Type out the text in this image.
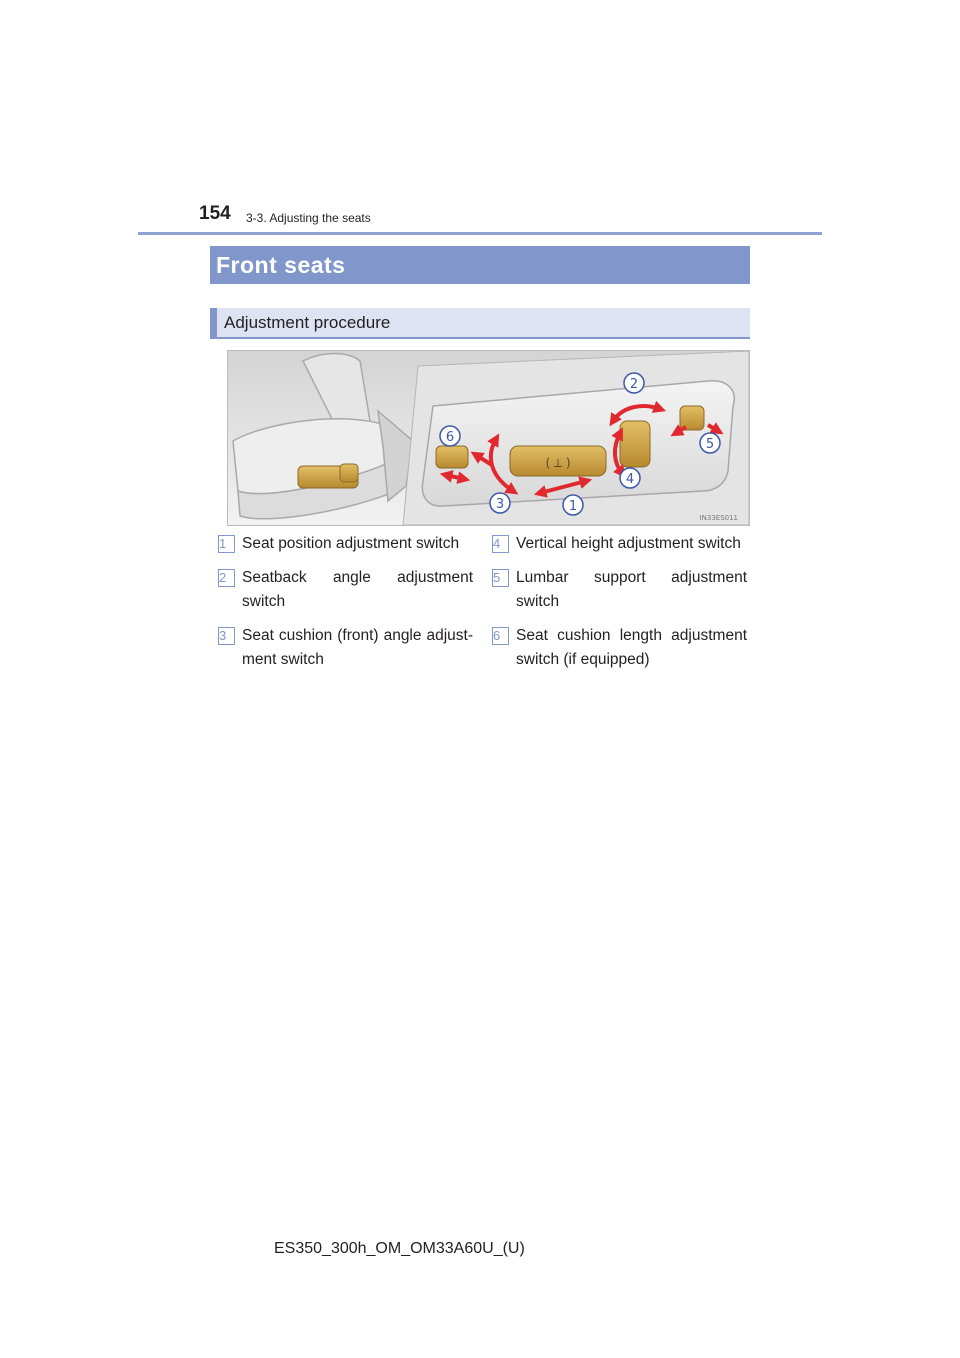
154 3-3. Adjusting the seats
Front seats
Adjustment procedure
( ⟂ )
6
3	1
4
2
5
IN33ES011
1	Seat position adjustment switch
2	Seatback angle adjustment switch
3	Seat cushion (front) angle adjust-ment switch
4	Vertical height adjustment switch
5	Lumbar support adjustment switch
6	Seat cushion length adjustment switch (if equipped)
ES350_300h_OM_OM33A60U_(U)
